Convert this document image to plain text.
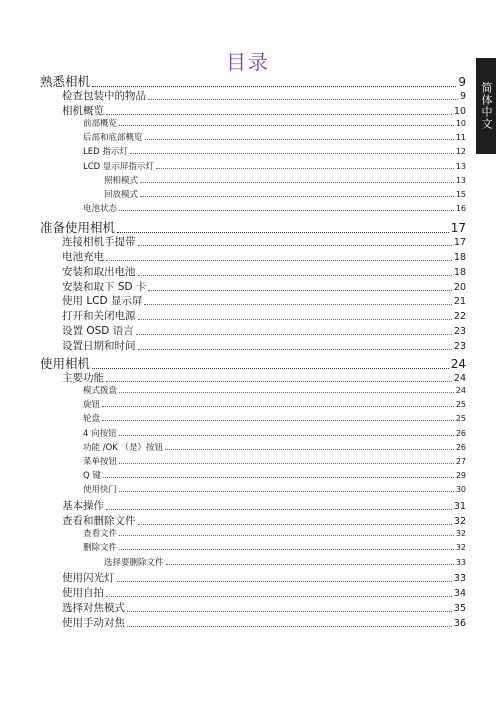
目录
简体中文
熟悉相机	9
检查包装中的物品	9
相机概览	10
前部概览	10
后部和底部概览	11
LED 指示灯	12
LCD 显示屏指示灯	13
照相模式	13
回放模式	15
电池状态	16
准备使用相机	17
连接相机手提带	17
电池充电	18
安装和取出电池	18
安装和取下 SD 卡	20
使用 LCD 显示屏	21
打开和关闭电源	22
设置 OSD 语言	23
设置日期和时间	23
使用相机	24
主要功能	24
模式拨盘	24
旋钮	25
轮盘	25
4 向按钮	26
功能 /OK （是）按钮	26
菜单按钮	27
Q 键	29
使用快门	30
基本操作	31
查看和删除文件	32
查看文件	32
删除文件	32
选择要删除文件	33
使用闪光灯	33
使用自拍	34
选择对焦模式	35
使用手动对焦	36
